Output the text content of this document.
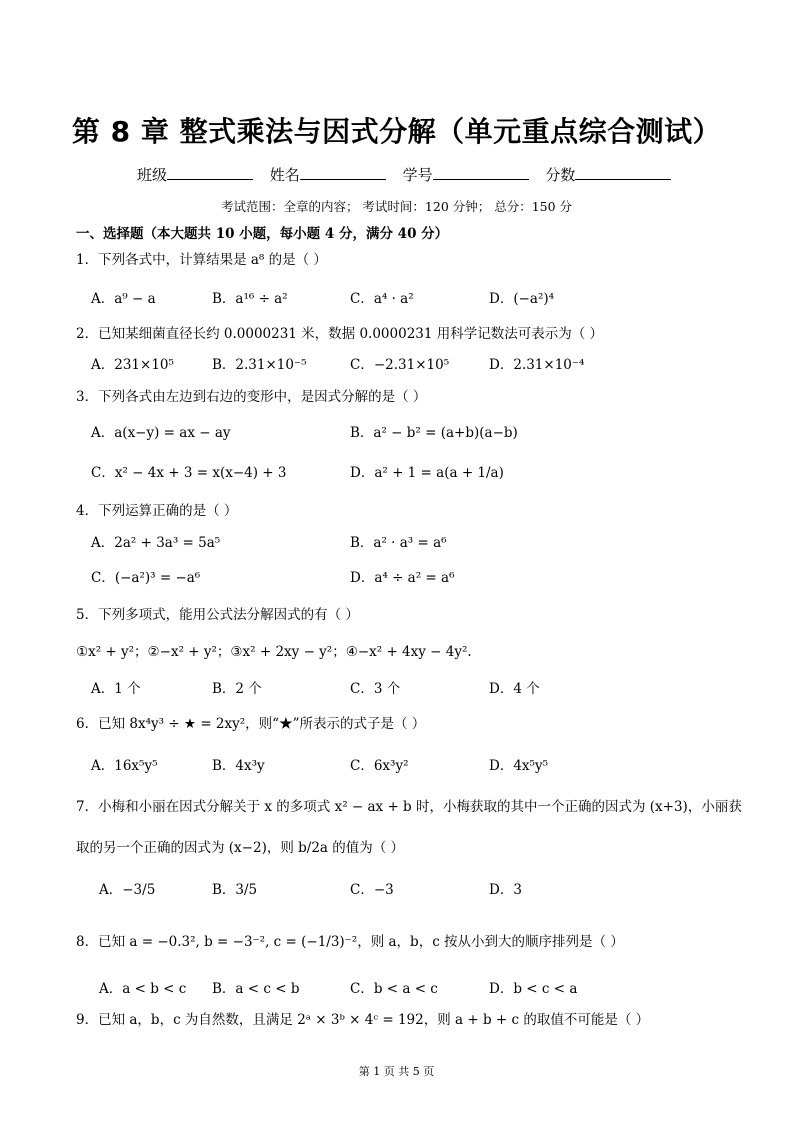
第 8 章 整式乘法与因式分解（单元重点综合测试）
班级	姓名	学号	分数
考试范围：全章的内容； 考试时间：120 分钟； 总分：150 分
一、选择题（本大题共 10 小题，每小题 4 分，满分 40 分）
1．下列各式中，计算结果是 a⁸ 的是（ ）
A．a⁹ − a	B．a¹⁶ ÷ a²	C．a⁴ · a²	D．(−a²)⁴
2．已知某细菌直径长约 0.0000231 米，数据 0.0000231 用科学记数法可表示为（ ）
A．231×10⁵	B．2.31×10⁻⁵	C．−2.31×10⁵	D．2.31×10⁻⁴
3．下列各式由左边到右边的变形中，是因式分解的是（ ）
A．a(x−y) = ax − ay	B．a² − b² = (a+b)(a−b)
C．x² − 4x + 3 = x(x−4) + 3	D．a² + 1 = a(a + 1/a)
4．下列运算正确的是（ ）
A．2a² + 3a³ = 5a⁵	B．a² · a³ = a⁶
C．(−a²)³ = −a⁶	D．a⁴ ÷ a² = a⁶
5．下列多项式，能用公式法分解因式的有（ ）
①x² + y²；②−x² + y²；③x² + 2xy − y²；④−x² + 4xy − 4y².
A．1 个	B．2 个	C．3 个	D．4 个
6．已知 8x⁴y³ ÷ ★ = 2xy²，则“★”所表示的式子是（ ）
A．16x⁵y⁵	B．4x³y	C．6x³y²	D．4x⁵y⁵
7．小梅和小丽在因式分解关于 x 的多项式 x² − ax + b 时，小梅获取的其中一个正确的因式为 (x+3)，小丽获
取的另一个正确的因式为 (x−2)，则 b/2a 的值为（ ）
A．−3/5	B．3/5	C．−3	D．3
8．已知 a = −0.3², b = −3⁻², c = (−1/3)⁻²，则 a，b，c 按从小到大的顺序排列是（ ）
A．a < b < c B．a < c < b	C．b < a < c	D．b < c < a
9．已知 a，b，c 为自然数，且满足 2ᵃ × 3ᵇ × 4ᶜ = 192，则 a + b + c 的取值不可能是（ ）
第 1 页 共 5 页
